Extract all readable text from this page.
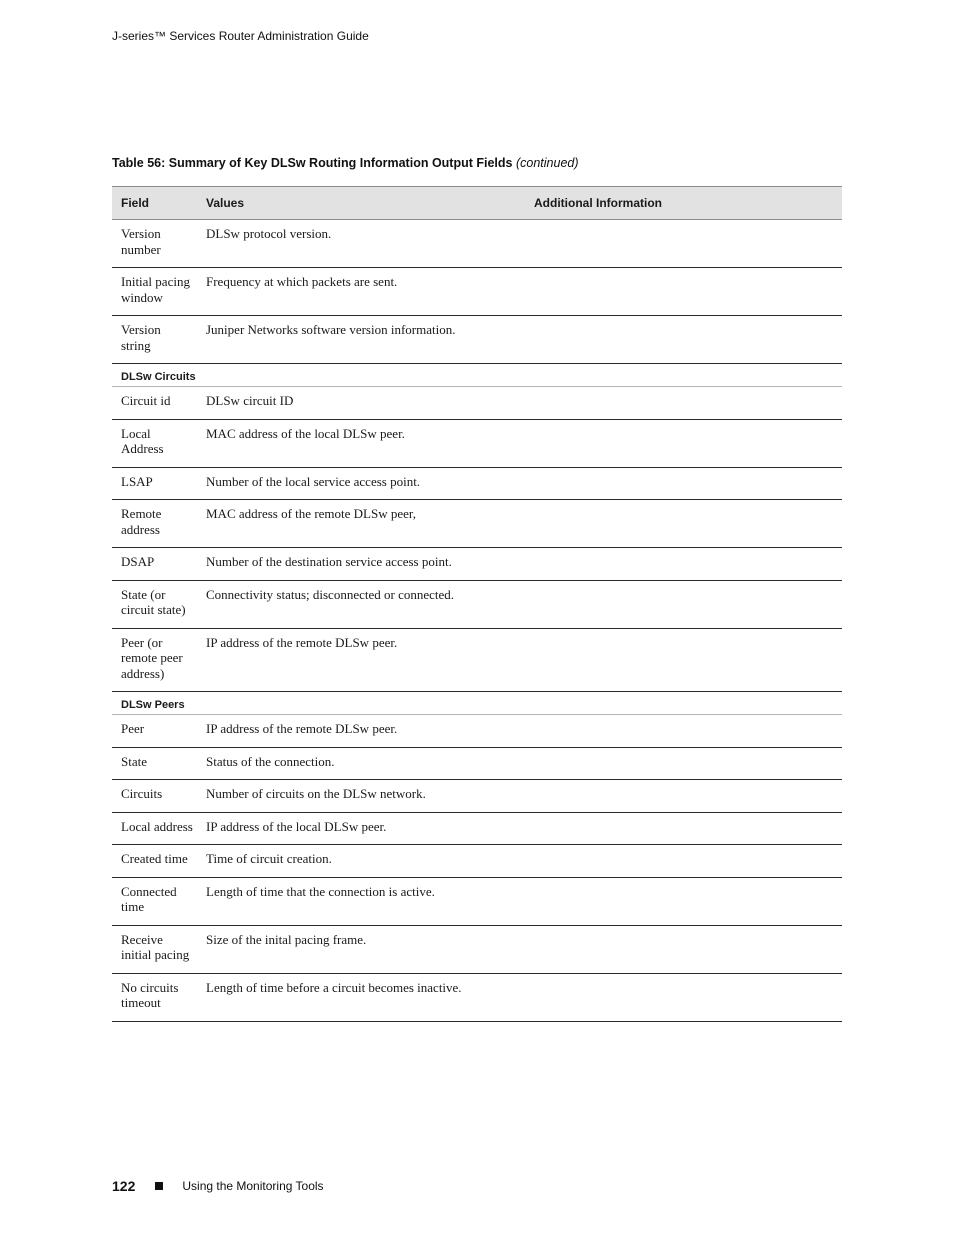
J-series™ Services Router Administration Guide
Table 56: Summary of Key DLSw Routing Information Output Fields (continued)
Field	Values	Additional Information
Version number	DLSw protocol version.	
Initial pacing window	Frequency at which packets are sent.	
Version string	Juniper Networks software version information.	
DLSw Circuits		
Circuit id	DLSw circuit ID	
Local Address	MAC address of the local DLSw peer.	
LSAP	Number of the local service access point.	
Remote address	MAC address of the remote DLSw peer,	
DSAP	Number of the destination service access point.	
State (or circuit state)	Connectivity status; disconnected or connected.	
Peer (or remote peer address)	IP address of the remote DLSw peer.	
DLSw Peers		
Peer	IP address of the remote DLSw peer.	
State	Status of the connection.	
Circuits	Number of circuits on the DLSw network.	
Local address	IP address of the local DLSw peer.	
Created time	Time of circuit creation.	
Connected time	Length of time that the connection is active.	
Receive initial pacing	Size of the inital pacing frame.	
No circuits timeout	Length of time before a circuit becomes inactive.	
122	Using the Monitoring Tools
